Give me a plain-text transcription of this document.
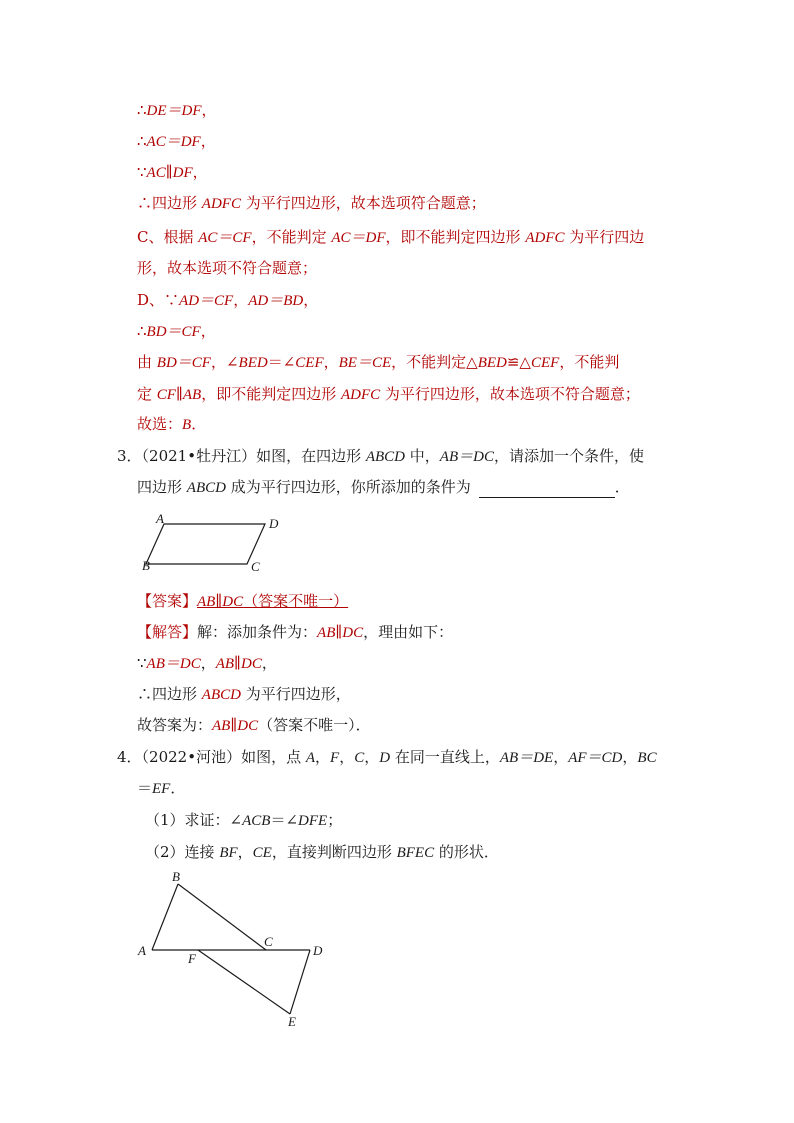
∴DE＝DF，
∴AC＝DF，
∵AC∥DF，
∴四边形 ADFC 为平行四边形，故本选项符合题意；
C、根据 AC＝CF，不能判定 AC＝DF，即不能判定四边形 ADFC 为平行四边
形，故本选项不符合题意；
D、∵AD＝CF，AD＝BD，
∴BD＝CF，
由 BD＝CF，∠BED＝∠CEF，BE＝CE，不能判定△BED≌△CEF，不能判
定 CF∥AB，即不能判定四边形 ADFC 为平行四边形，故本选项不符合题意；
故选：B．
3．（2021•牡丹江）如图，在四边形 ABCD 中，AB＝DC，请添加一个条件，使
四边形 ABCD 成为平行四边形，你所添加的条件为	．
A	D
B	C
【答案】AB∥DC（答案不唯一）
【解答】解：添加条件为：AB∥DC，理由如下：
∵AB＝DC，AB∥DC，
∴四边形 ABCD 为平行四边形，
故答案为：AB∥DC（答案不唯一）．
4．（2022•河池）如图，点 A，F，C，D 在同一直线上，AB＝DE，AF＝CD，BC
＝EF．
（1）求证：∠ACB＝∠DFE；
（2）连接 BF，CE，直接判断四边形 BFEC 的形状．
B
A
F
C
D
E
